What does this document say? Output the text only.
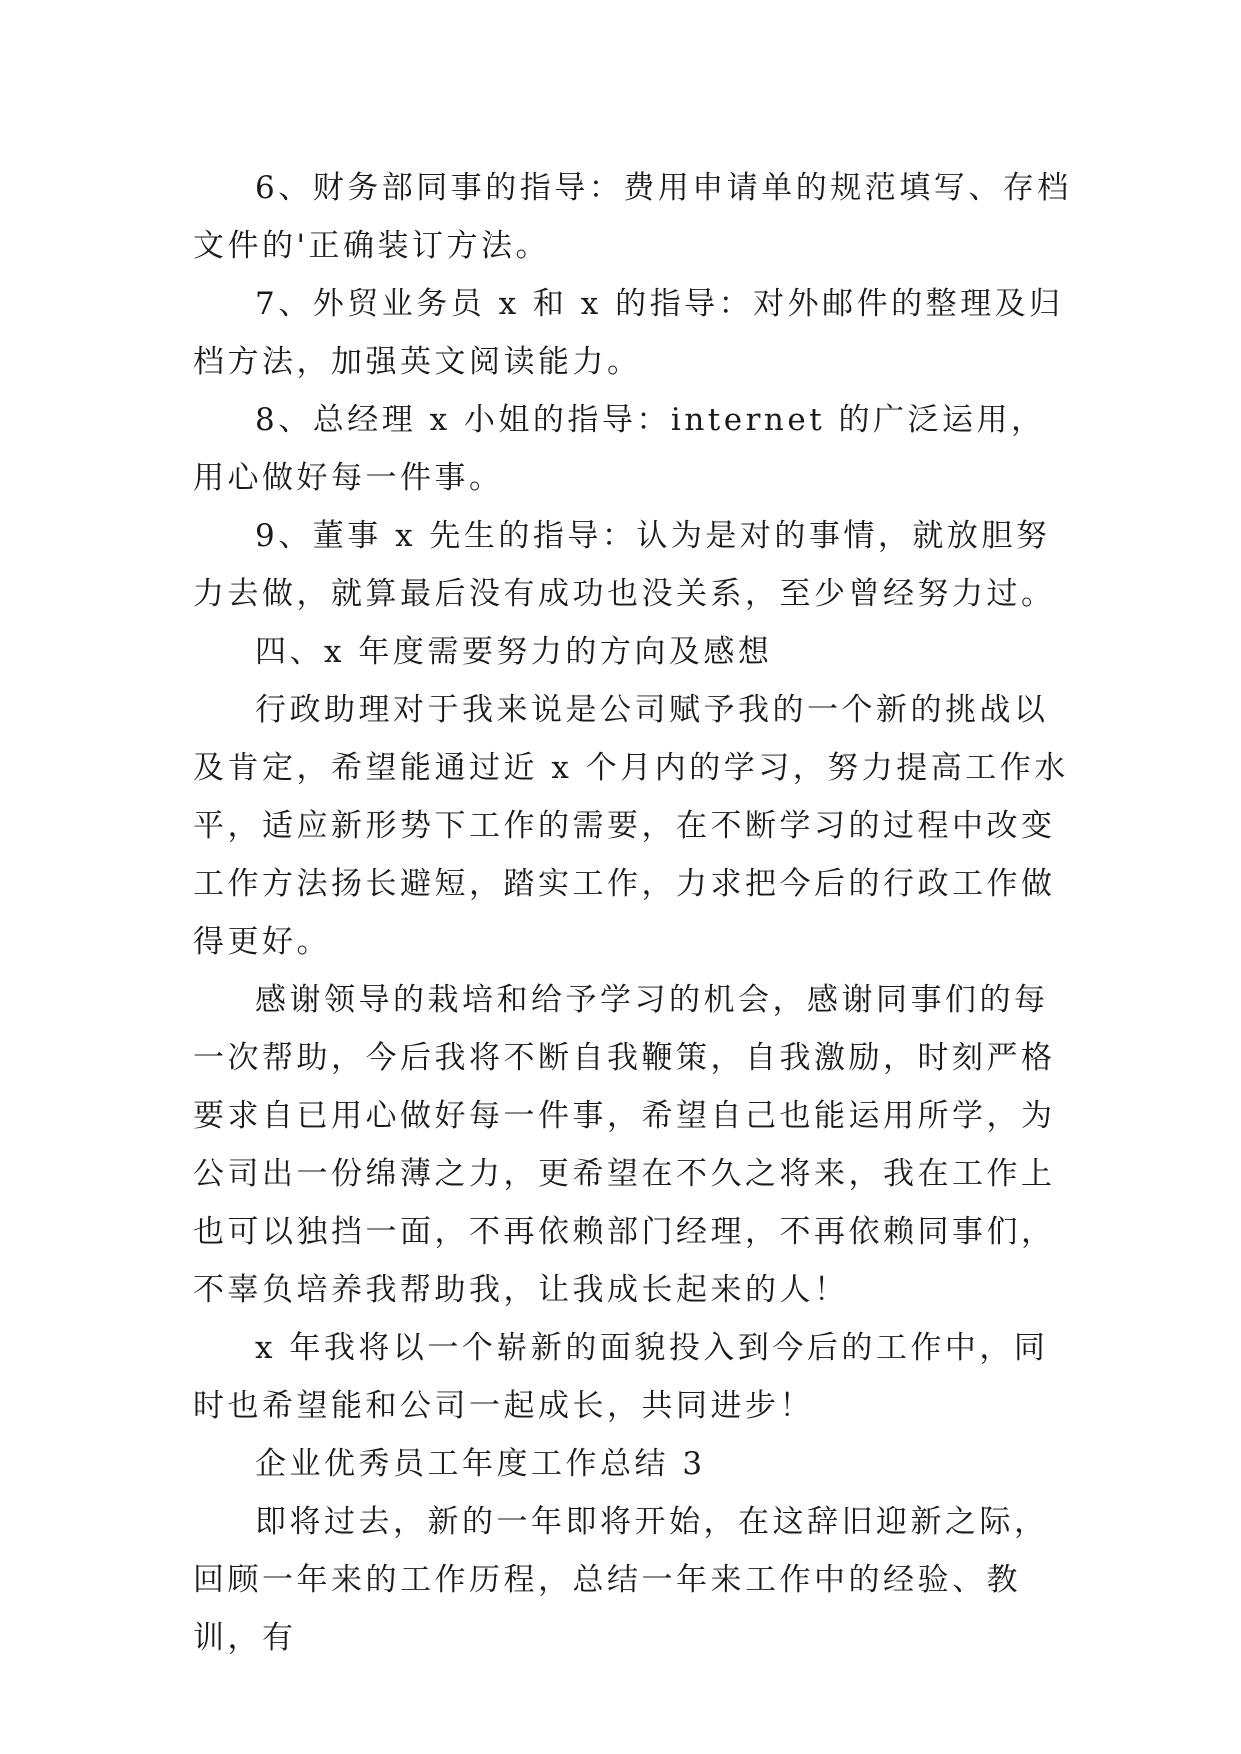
6、财务部同事的指导：费用申请单的规范填写、存档文件的'正确装订方法。

7、外贸业务员 x 和 x 的指导：对外邮件的整理及归档方法，加强英文阅读能力。

8、总经理 x 小姐的指导：internet 的广泛运用，用心做好每一件事。

9、董事 x 先生的指导：认为是对的事情，就放胆努力去做，就算最后没有成功也没关系，至少曾经努力过。

四、x 年度需要努力的方向及感想

行政助理对于我来说是公司赋予我的一个新的挑战以及肯定，希望能通过近 x 个月内的学习，努力提高工作水平，适应新形势下工作的需要，在不断学习的过程中改变工作方法扬长避短，踏实工作，力求把今后的行政工作做得更好。

感谢领导的栽培和给予学习的机会，感谢同事们的每一次帮助，今后我将不断自我鞭策，自我激励，时刻严格要求自已用心做好每一件事，希望自己也能运用所学，为公司出一份绵薄之力，更希望在不久之将来，我在工作上也可以独挡一面，不再依赖部门经理，不再依赖同事们，不辜负培养我帮助我，让我成长起来的人！

x 年我将以一个崭新的面貌投入到今后的工作中，同时也希望能和公司一起成长，共同进步！

企业优秀员工年度工作总结 3

即将过去，新的一年即将开始，在这辞旧迎新之际，回顾一年来的工作历程，总结一年来工作中的经验、教训，有
